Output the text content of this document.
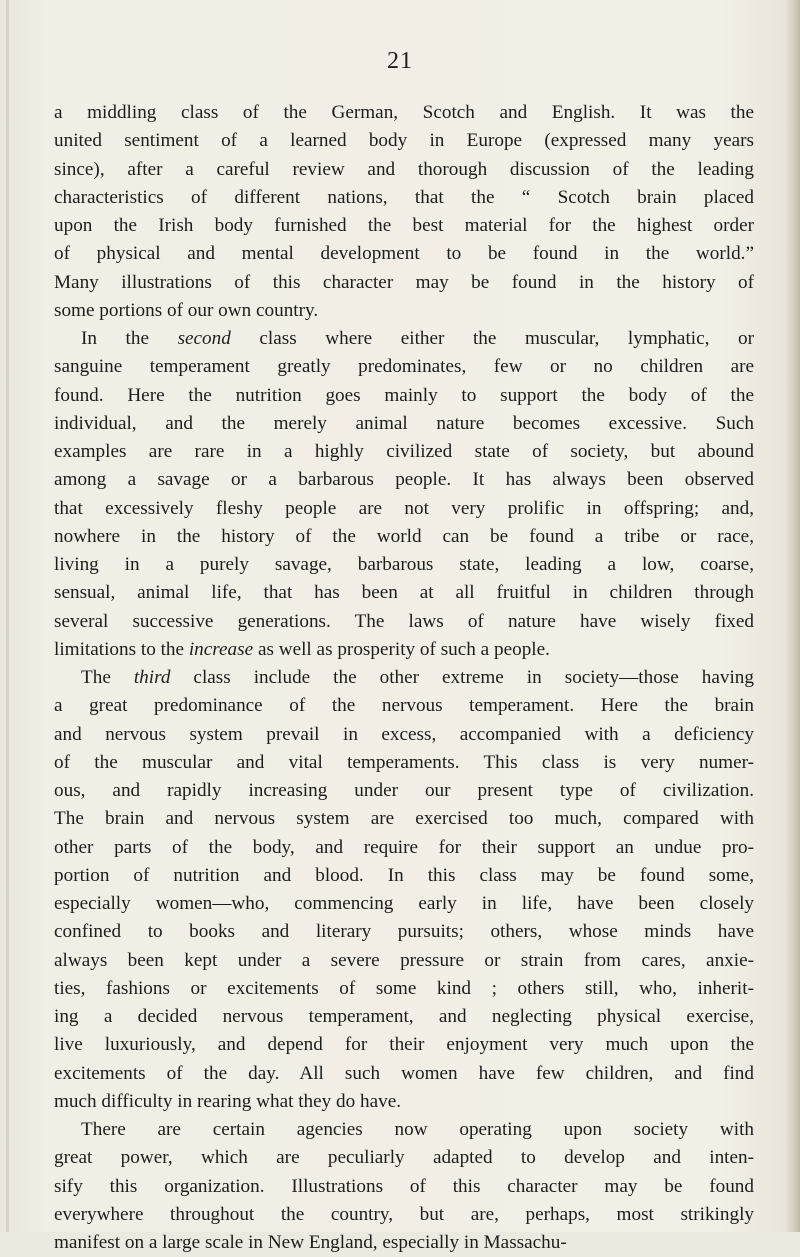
21
a middling class of the German, Scotch and English. It was the
united sentiment of a learned body in Europe (expressed many years
since), after a careful review and thorough discussion of the leading
characteristics of different nations, that the “ Scotch brain placed
upon the Irish body furnished the best material for the highest order
of physical and mental development to be found in the world.”
Many illustrations of this character may be found in the history of
some portions of our own country.
In the second class where either the muscular, lymphatic, or
sanguine temperament greatly predominates, few or no children are
found. Here the nutrition goes mainly to support the body of the
individual, and the merely animal nature becomes excessive. Such
examples are rare in a highly civilized state of society, but abound
among a savage or a barbarous people. It has always been observed
that excessively fleshy people are not very prolific in offspring; and,
nowhere in the history of the world can be found a tribe or race,
living in a purely savage, barbarous state, leading a low, coarse,
sensual, animal life, that has been at all fruitful in children through
several successive generations. The laws of nature have wisely fixed
limitations to the increase as well as prosperity of such a people.
The third class include the other extreme in society—those having
a great predominance of the nervous temperament. Here the brain
and nervous system prevail in excess, accompanied with a deficiency
of the muscular and vital temperaments. This class is very numer-
ous, and rapidly increasing under our present type of civilization.
The brain and nervous system are exercised too much, compared with
other parts of the body, and require for their support an undue pro-
portion of nutrition and blood. In this class may be found some,
especially women—who, commencing early in life, have been closely
confined to books and literary pursuits; others, whose minds have
always been kept under a severe pressure or strain from cares, anxie-
ties, fashions or excitements of some kind ; others still, who, inherit-
ing a decided nervous temperament, and neglecting physical exercise,
live luxuriously, and depend for their enjoyment very much upon the
excitements of the day. All such women have few children, and find
much difficulty in rearing what they do have.
There are certain agencies now operating upon society with
great power, which are peculiarly adapted to develop and inten-
sify this organization. Illustrations of this character may be found
everywhere throughout the country, but are, perhaps, most strikingly
manifest on a large scale in New England, especially in Massachu-
